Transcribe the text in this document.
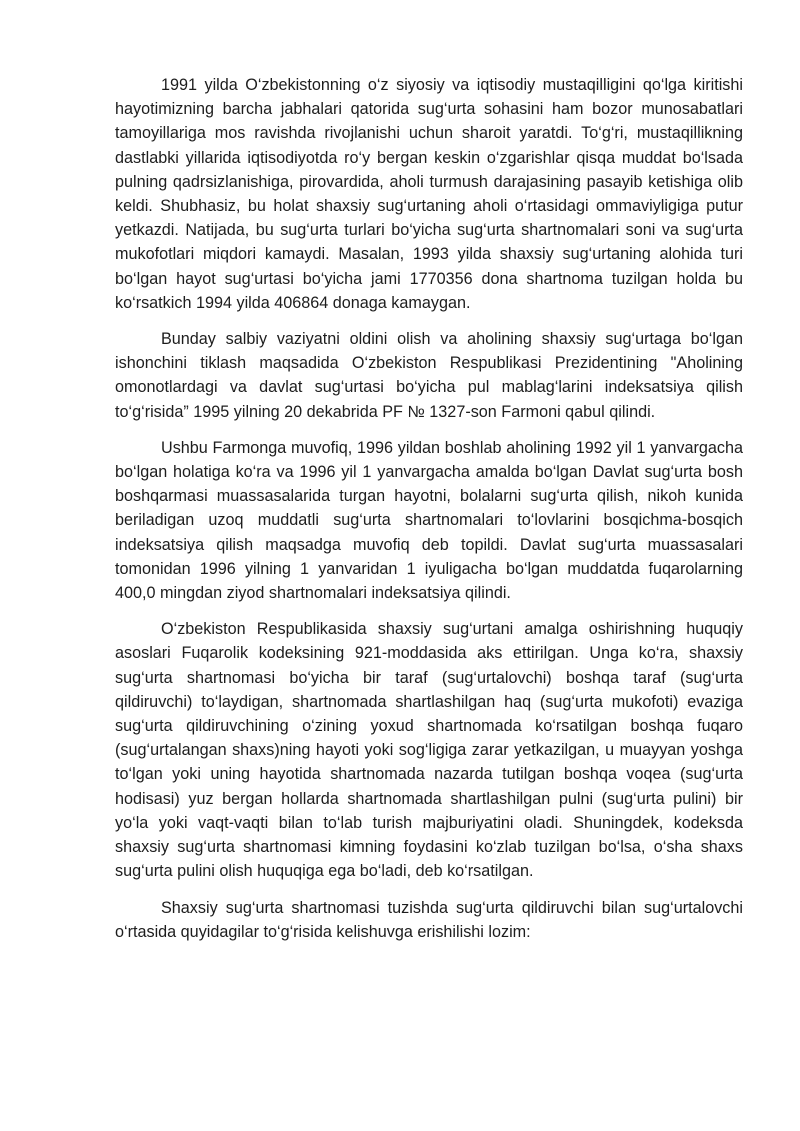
1991 yilda O‘zbekistonning o‘z siyosiy va iqtisodiy mustaqilligini qo‘lga kiritishi hayotimizning barcha jabhalari qatorida sug‘urta sohasini ham bozor munosabatlari tamoyillariga mos ravishda rivojlanishi uchun sharoit yaratdi. To‘g‘ri, mustaqillikning dastlabki yillarida iqtisodiyotda ro‘y bergan keskin o‘zgarishlar qisqa muddat bo‘lsada pulning qadrsizlanishiga, pirovardida, aholi turmush darajasining pasayib ketishiga olib keldi. Shubhasiz, bu holat shaxsiy sug‘urtaning aholi o‘rtasidagi ommaviyligiga putur yetkazdi. Natijada, bu sug‘urta turlari bo‘yicha sug‘urta shartnomalari soni va sug‘urta mukofotlari miqdori kamaydi. Masalan, 1993 yilda shaxsiy sug‘urtaning alohida turi bo‘lgan hayot sug‘urtasi bo‘yicha jami 1770356 dona shartnoma tuzilgan holda bu ko‘rsatkich 1994 yilda 406864 donaga kamaygan.

Bunday salbiy vaziyatni oldini olish va aholining shaxsiy sug‘urtaga bo‘lgan ishonchini tiklash maqsadida O‘zbekiston Respublikasi Prezidentining "Aholining omonotlardagi va davlat sug‘urtasi bo‘yicha pul mablag‘larini indeksatsiya qilish to‘g‘risida” 1995 yilning 20 dekabrida PF № 1327-son Farmoni qabul qilindi.

Ushbu Farmonga muvofiq, 1996 yildan boshlab aholining 1992 yil 1 yanvargacha bo‘lgan holatiga ko‘ra va 1996 yil 1 yanvargacha amalda bo‘lgan Davlat sug‘urta bosh boshqarmasi muassasalarida turgan hayotni, bolalarni sug‘urta qilish, nikoh kunida beriladigan uzoq muddatli sug‘urta shartnomalari to‘lovlarini bosqichma-bosqich indeksatsiya qilish maqsadga muvofiq deb topildi. Davlat sug‘urta muassasalari tomonidan 1996 yilning 1 yanvaridan 1 iyuligacha bo‘lgan muddatda fuqarolarning 400,0 mingdan ziyod shartnomalari indeksatsiya qilindi.

O‘zbekiston Respublikasida shaxsiy sug‘urtani amalga oshirishning huquqiy asoslari Fuqarolik kodeksining 921-moddasida aks ettirilgan. Unga ko‘ra, shaxsiy sug‘urta shartnomasi bo‘yicha bir taraf (sug‘urtalovchi) boshqa taraf (sug‘urta qildiruvchi) to‘laydigan, shartnomada shartlashilgan haq (sug‘urta mukofoti) evaziga sug‘urta qildiruvchining o‘zining yoxud shartnomada ko‘rsatilgan boshqa fuqaro (sug‘urtalangan shaxs)ning hayoti yoki sog‘ligiga zarar yetkazilgan, u muayyan yoshga to‘lgan yoki uning hayotida shartnomada nazarda tutilgan boshqa voqea (sug‘urta hodisasi) yuz bergan hollarda shartnomada shartlashilgan pulni (sug‘urta pulini) bir yo‘la yoki vaqt-vaqti bilan to‘lab turish majburiyatini oladi. Shuningdek, kodeksda shaxsiy sug‘urta shartnomasi kimning foydasini ko‘zlab tuzilgan bo‘lsa, o‘sha shaxs sug‘urta pulini olish huquqiga ega bo‘ladi, deb ko‘rsatilgan.

Shaxsiy sug‘urta shartnomasi tuzishda sug‘urta qildiruvchi bilan sug‘urtalovchi o‘rtasida quyidagilar to‘g‘risida kelishuvga erishilishi lozim:
